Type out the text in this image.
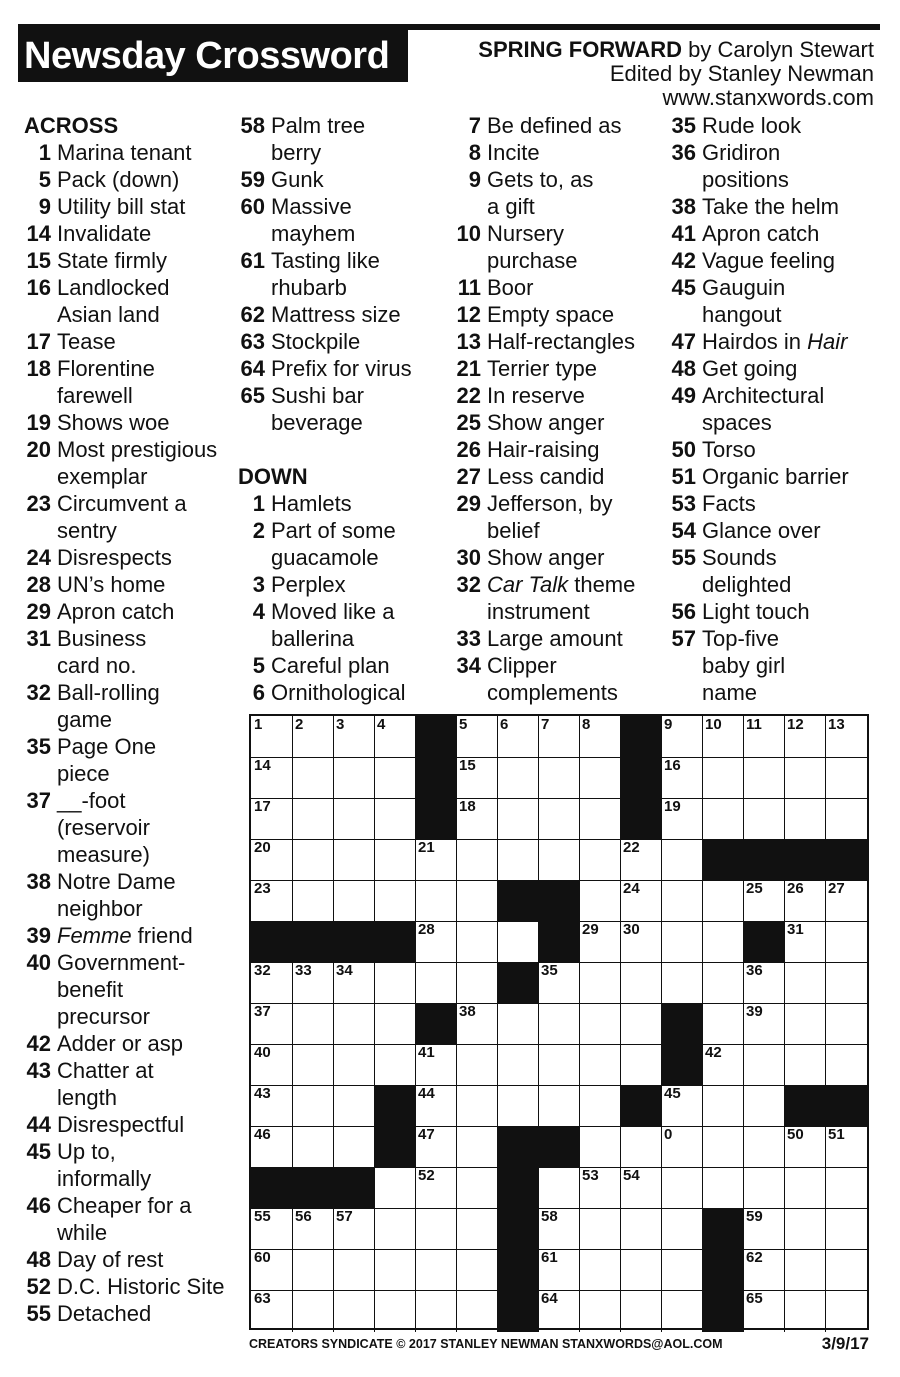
Newsday Crossword	SPRING FORWARD by Carolyn Stewart
Edited by Stanley Newman
www.stanxwords.com
ACROSS
1 Marina tenant
5 Pack (down)
9 Utility bill stat
14 Invalidate
15 State firmly
16 Landlocked
Asian land
17 Tease
18 Florentine
farewell
19 Shows woe
20 Most prestigious
exemplar
23 Circumvent a
sentry
24 Disrespects
28 UN’s home
29 Apron catch
31 Business
card no.
32 Ball-rolling
game
35 Page One
piece
37 __-foot
(reservoir
measure)
38 Notre Dame
neighbor
39 Femme friend
40 Government-
benefit
precursor
42 Adder or asp
43 Chatter at
length
44 Disrespectful
45 Up to,
informally
46 Cheaper for a
while
48 Day of rest
52 D.C. Historic Site
55 Detached
58 Palm tree
berry
59 Gunk
60 Massive
mayhem
61 Tasting like
rhubarb
62 Mattress size
63 Stockpile
64 Prefix for virus
65 Sushi bar
beverage
DOWN
1 Hamlets
2 Part of some
guacamole
3 Perplex
4 Moved like a
ballerina
5 Careful plan
6 Ornithological
7 Be defined as
8 Incite
9 Gets to, as
a gift
10 Nursery
purchase
11 Boor
12 Empty space
13 Half-rectangles
21 Terrier type
22 In reserve
25 Show anger
26 Hair-raising
27 Less candid
29 Jefferson, by
belief
30 Show anger
32 Car Talk theme
instrument
33 Large amount
34 Clipper
complements
35 Rude look
36 Gridiron
positions
38 Take the helm
41 Apron catch
42 Vague feeling
45 Gauguin
hangout
47 Hairdos in Hair
48 Get going
49 Architectural
spaces
50 Torso
51 Organic barrier
53 Facts
54 Glance over
55 Sounds
delighted
56 Light touch
57 Top-five
baby girl
name
1 2 3 4	5 6 7 8	9 10 11 12 13
14	15	16
17	18	19
20	21	22
23	24	25 26 27
28	29 30	31
32 33 34	35	36
37	38	39
40	41	42
43	44	45
46	47	0	50 51
52	53 54
55 56 57	58	59
60	61	62
63	64	65
CREATORS SYNDICATE © 2017 STANLEY NEWMAN STANXWORDS@AOL.COM	3/9/17
